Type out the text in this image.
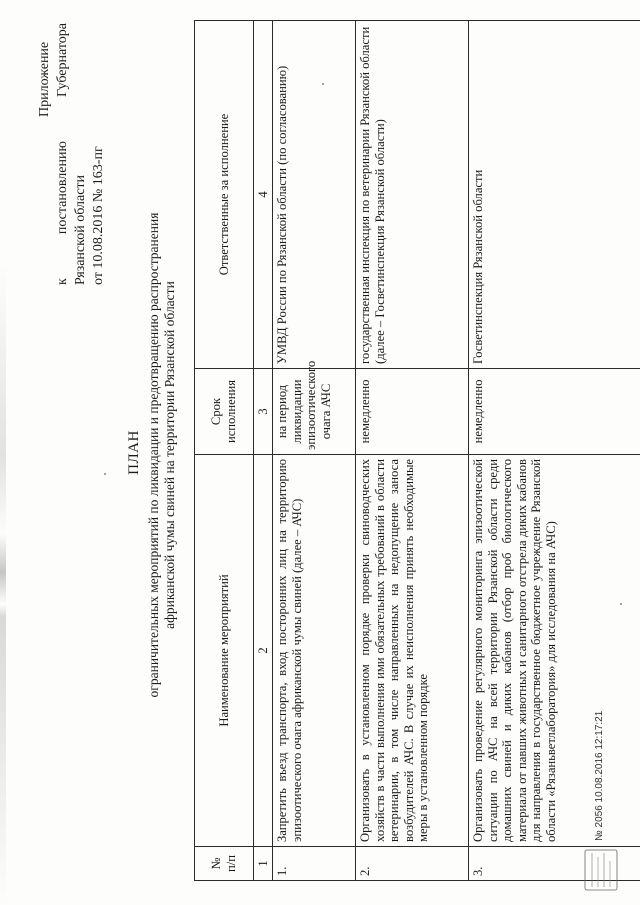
Приложение к постановлению Губернатора Рязанской области от 10.08.2016 № 163-пг
ПЛАН ограничительных мероприятий по ликвидации и предотвращению распространения африканской чумы свиней на территории Рязанской области
№ п/п	Наименование мероприятий	Срок исполнения	Ответственные за исполнение
1	2	3	4
1.	Запретить въезд транспорта, вход посторонних лиц на территорию эпизоотического очага африканской чумы свиней (далее – АЧС)	на период ликвидации эпизоотического очага АЧС	УМВД России по Рязанской области (по согласованию)
2.	Организовать в установленном порядке проверки свиноводческих хозяйств в части выполнения ими обязательных требований в области ветеринарии, в том числе направленных на недопущение заноса возбудителей АЧС. В случае их неисполнения принять необходимые меры в установленном порядке	немедленно	государственная инспекция по ветеринарии Рязанской области (далее – Госветинспекция Рязанской области)
3.	Организовать проведение регулярного мониторинга эпизоотической ситуации по АЧС на всей территории Рязанской области среди домашних свиней и диких кабанов (отбор проб биологического материала от павших животных и санитарного отстрела диких кабанов для направления в государственное бюджетное учреждение Рязанской области «Рязаньветлаборатория» для исследования на АЧС)	немедленно	Госветинспекция Рязанской области
№ 2056 10.08.2016 12:17:21
